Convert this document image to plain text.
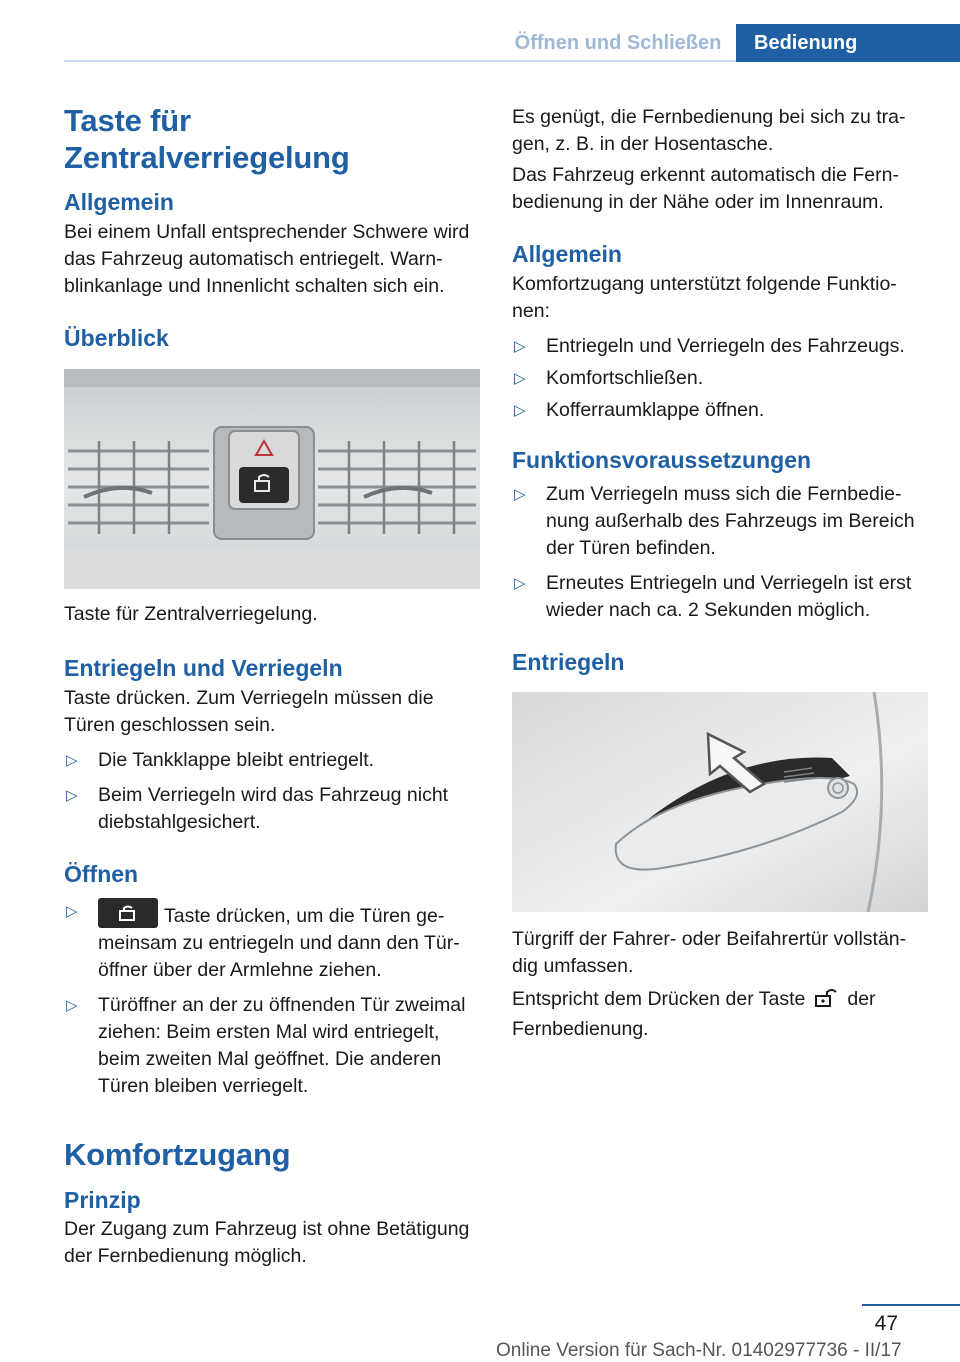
Öffnen und Schließen	Bedienung
Taste für Zentralverriegelung
Allgemein

Bei einem Unfall entsprechender Schwere wird das Fahrzeug automatisch entriegelt. Warn-blinkanlage und Innenlicht schalten sich ein.

Überblick
Taste für Zentralverriegelung.
Entriegeln und Verriegeln

Taste drücken. Zum Verriegeln müssen die Türen geschlossen sein.

▷ Die Tankklappe bleibt entriegelt.
▷ Beim Verriegeln wird das Fahrzeug nicht diebstahlgesichert.
Öffnen
▷	Taste drücken, um die Türen ge-meinsam zu entriegeln und dann den Tür-öffner über der Armlehne ziehen.
▷ Türöffner an der zu öffnenden Tür zweimal ziehen: Beim ersten Mal wird entriegelt, beim zweiten Mal geöffnet. Die anderen Türen bleiben verriegelt.
Komfortzugang
Prinzip

Der Zugang zum Fahrzeug ist ohne Betätigung der Fernbedienung möglich.

Es genügt, die Fernbedienung bei sich zu tra-gen, z. B. in der Hosentasche.

Das Fahrzeug erkennt automatisch die Fern-bedienung in der Nähe oder im Innenraum.

Allgemein

Komfortzugang unterstützt folgende Funktio-nen:

▷ Entriegeln und Verriegeln des Fahrzeugs.
▷ Komfortschließen.
▷ Kofferraumklappe öffnen.
Funktionsvoraussetzungen
▷ Zum Verriegeln muss sich die Fernbedie-nung außerhalb des Fahrzeugs im Bereich der Türen befinden.
▷ Erneutes Entriegeln und Verriegeln ist erst wieder nach ca. 2 Sekunden möglich.
Entriegeln
Türgriff der Fahrer- oder Beifahrertür vollstän-dig umfassen.

Entspricht dem Drücken der Taste der
Fernbedienung.

47
Online Version für Sach-Nr. 01402977736 - II/17
